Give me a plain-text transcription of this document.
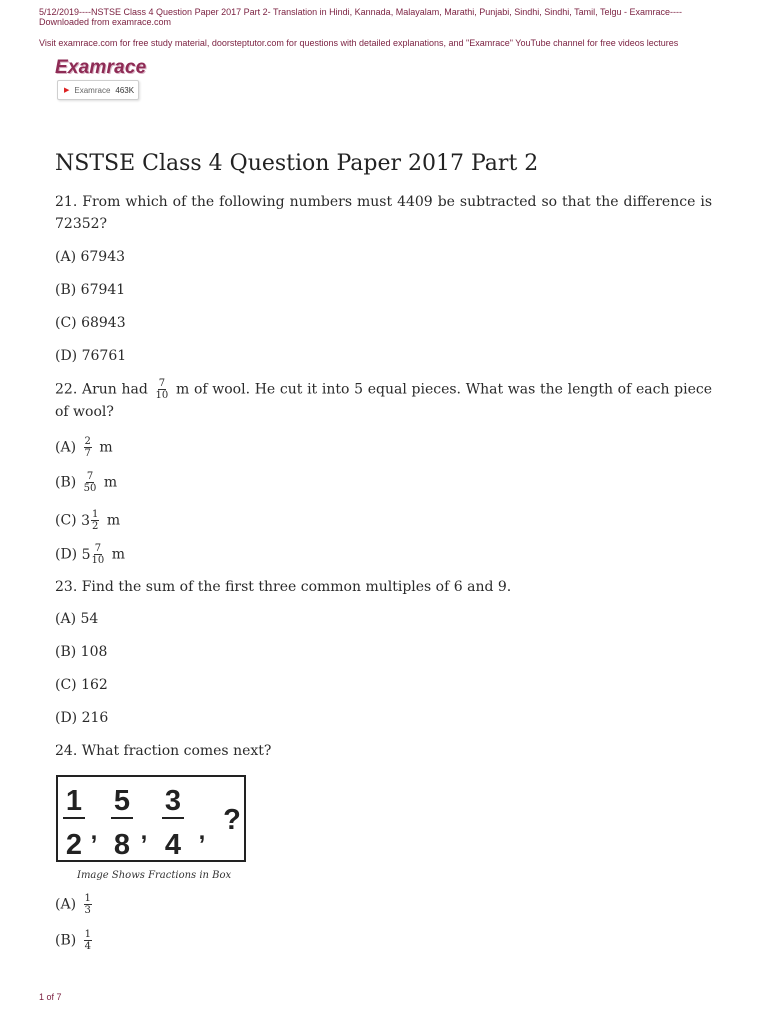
5/12/2019----NSTSE Class 4 Question Paper 2017 Part 2- Translation in Hindi, Kannada, Malayalam, Marathi, Punjabi, Sindhi, Sindhi, Tamil, Telgu - Examrace----Downloaded from examrace.com
Visit examrace.com for free study material, doorsteptutor.com for questions with detailed explanations, and "Examrace" YouTube channel for free videos lectures
Examrace
▶ Examrace 463K
NSTSE Class 4 Question Paper 2017 Part 2
21. From which of the following numbers must 4409 be subtracted so that the difference is 72352?
(A) 67943
(B) 67941
(C) 68943
(D) 76761
22. Arun had $\frac{7}{10}$ m of wool. He cut it into 5 equal pieces. What was the length of each piece of wool?
$(A) \frac{2}{7}$ m
$(B) \frac{7}{50}$ m
(C) $3 \frac{1}{2}$ m
(D) $5 \frac{7}{10}$ m
23. Find the sum of the first three common multiples of 6 and 9.
(A) 54
(B) 108
(C) 162
(D) 216
24. What fraction comes next?
1
2 ,
5
8 ,
3
4 , ?
Image Shows Fractions in Box
$(A) \frac{1}{3}$
$(B) \frac{1}{4}$
1 of 7
